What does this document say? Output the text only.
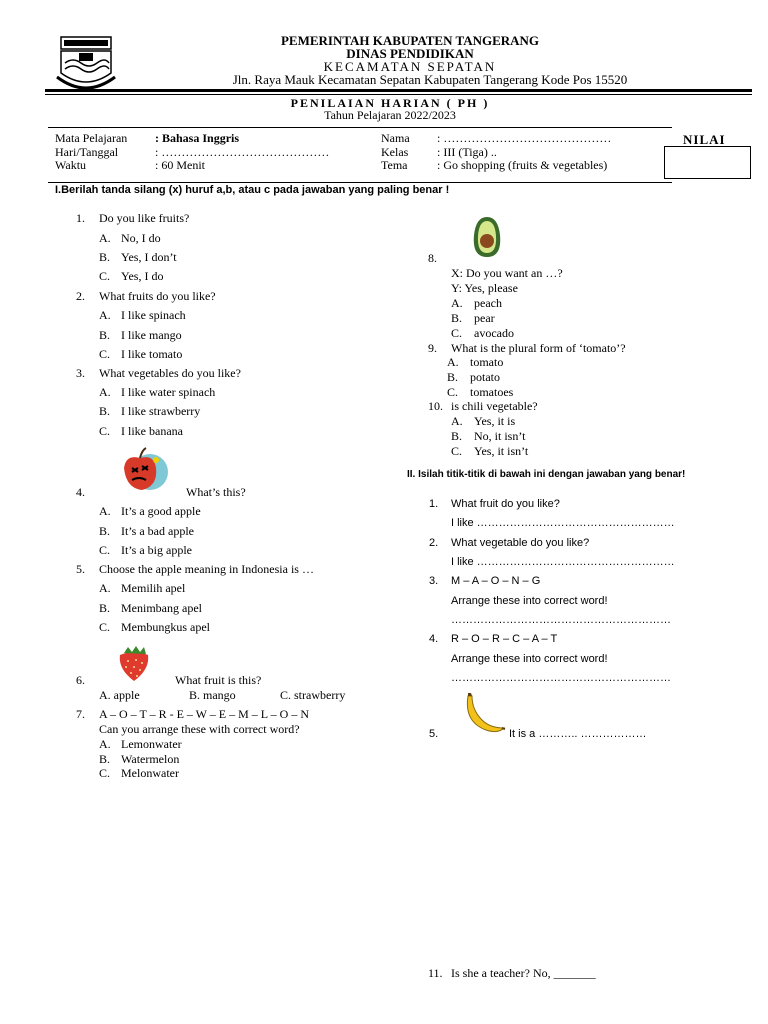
PEMERINTAH KABUPATEN TANGERANG
DINAS PENDIDIKAN
KECAMATAN SEPATAN
Jln. Raya Mauk Kecamatan Sepatan Kabupaten Tangerang Kode Pos 15520
PENILAIAN HARIAN ( PH )
Tahun Pelajaran 2022/2023
Mata Pelajaran : Bahasa Inggris
Hari/Tanggal	: ……………………………………
Waktu	: 60 Menit
Nama : ……………………………………
Kelas : III (Tiga) ..
Tema : Go shopping (fruits & vegetables)
NILAI
I.Berilah tanda silang (x) huruf a,b, atau c pada jawaban yang paling benar !
1. Do you like fruits?
A. No, I do
B. Yes, I don’t
C. Yes, I do
2. What fruits do you like?
A. I like spinach
B. I like mango
C. I like tomato
3. What vegetables do you like?
A. I like water spinach
B. I like strawberry
C. I like banana
4.	What’s this?
A. It’s a good apple
B. It’s a bad apple
C. It’s a big apple
5. Choose the apple meaning in Indonesia is …
A. Memilih apel
B. Menimbang apel
C. Membungkus apel
6.	What fruit is this?
A. apple	B. mango	C. strawberry
7. A – O – T – R - E – W – E – M – L – O – N
Can you arrange these with correct word?
A. Lemonwater
B. Watermelon
C. Melonwater
8.
X: Do you want an …?
Y: Yes, please
A. peach
B. pear
C. avocado
9. What is the plural form of ‘tomato’?
A. tomato
B. potato
C. tomatoes
10. is chili vegetable?
A. Yes, it is
B. No, it isn’t
C. Yes, it isn’t
II. Isilah titik-titik di bawah ini dengan jawaban yang benar!
1. What fruit do you like?
I like ………………………………………………
2. What vegetable do you like?
I like ………………………………………………
3. M – A – O – N – G
Arrange these into correct word!
……………………………………………………
4. R – O – R – C – A – T
Arrange these into correct word!
……………………………………………………
5.	It is a ……….. ………………
11. Is she a teacher? No, _______
